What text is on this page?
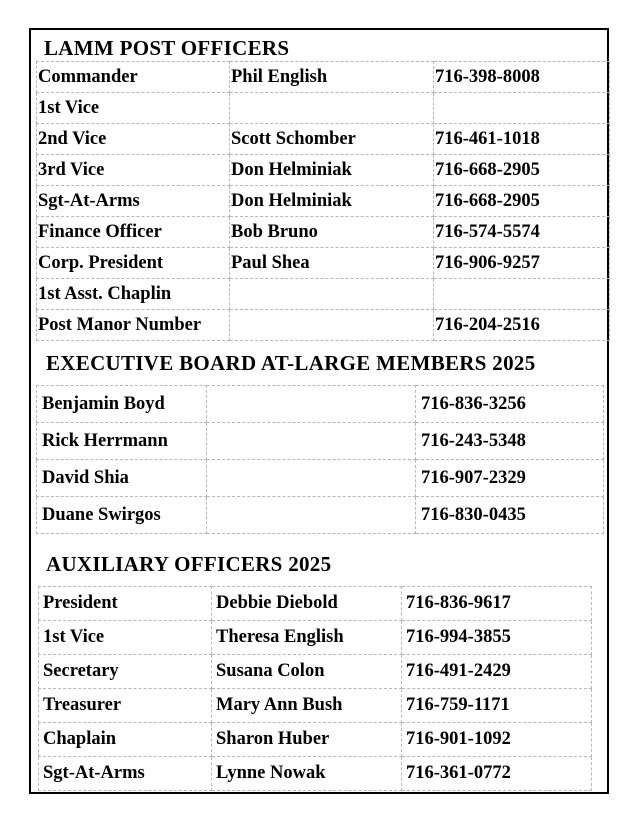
LAMM POST OFFICERS
Commander	Phil English	716-398-8008
1st Vice		
2nd Vice	Scott Schomber	716-461-1018
3rd Vice	Don Helminiak	716-668-2905
Sgt-At-Arms	Don Helminiak	716-668-2905
Finance Officer	Bob Bruno	716-574-5574
Corp. President	Paul Shea	716-906-9257
1st Asst. Chaplin		
Post Manor Number		716-204-2516
EXECUTIVE BOARD AT-LARGE MEMBERS 2025
Benjamin Boyd		716-836-3256
Rick Herrmann		716-243-5348
David Shia		716-907-2329
Duane Swirgos		716-830-0435
AUXILIARY OFFICERS 2025
President	Debbie Diebold	716-836-9617
1st Vice	Theresa English	716-994-3855
Secretary	Susana Colon	716-491-2429
Treasurer	Mary Ann Bush	716-759-1171
Chaplain	Sharon Huber	716-901-1092
Sgt-At-Arms	Lynne Nowak	716-361-0772
